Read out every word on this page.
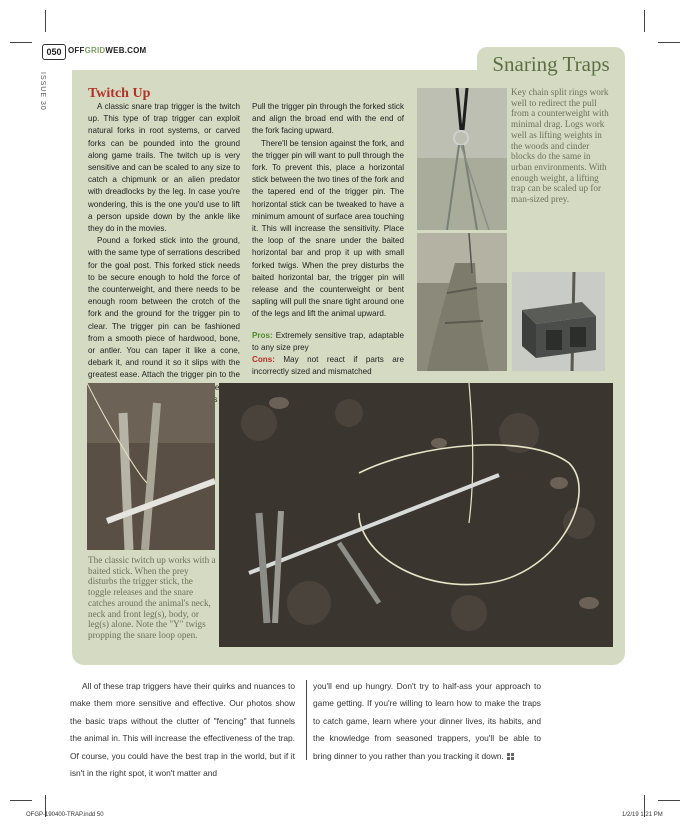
050 OFFGRIDWEB.COM
ISSUE 30
Snaring Traps
Twitch Up

A classic snare trap trigger is the twitch up. This type of trap trigger can exploit natural forks in root systems, or carved forks can be pounded into the ground along game trails. The twitch up is very sensitive and can be scaled to any size to catch a chipmunk or an alien predator with dreadlocks by the leg. In case you're wondering, this is the one you'd use to lift a person upside down by the ankle like they do in the movies.

Pound a forked stick into the ground, with the same type of serrations described for the goal post. This forked stick needs to be secure enough to hold the force of the counterweight, and there needs to be enough room between the crotch of the fork and the ground for the trigger pin to clear. The trigger pin can be fashioned from a smooth piece of hardwood, bone, or antler. You can taper it like a cone, debark it, and round it so it slips with the greatest ease. Attach the trigger pin to the

Pull the trigger pin through the forked stick and align the broad end with the end of the fork facing upward.

There'll be tension against the fork, and the trigger pin will want to pull through the fork. To prevent this, place a horizontal stick between the two tines of the fork and the tapered end of the trigger pin. The horizontal stick can be tweaked to have a minimum amount of surface area touching it. This will increase the sensitivity. Place the loop of the snare under the baited horizontal bar and prop it up with small forked twigs. When the prey disturbs the baited horizontal bar, the trigger pin will release and the counterweight or bent sapling will pull the snare tight around one of the legs and lift the animal upward.

Pros: Extremely sensitive trap, adaptable to any size prey

Cons: May not react if parts are incorrectly sized and mismatched

Key chain split rings work well to redirect the pull from a counterweight with minimal drag. Logs work well as lifting weights in the woods and cinder blocks do the same in urban environments. With enough weight, a lifting trap can be scaled up for man-sized prey.
The classic twitch up works with a baited stick. When the prey disturbs the trigger stick, the toggle releases and the snare catches around the animal's neck, neck and front leg(s), body, or leg(s) alone. Note the "Y" twigs propping the snare loop open.

All of these trap triggers have their quirks and nuances to make them more sensitive and effective. Our photos show the basic traps without the clutter of "fencing" that funnels the animal in. This will increase the effectiveness of the trap. Of course, you could have the best trap in the world, but if it isn't in the right spot, it won't matter and

you'll end up hungry. Don't try to half-ass your approach to game getting. If you're willing to learn how to make the traps to catch game, learn where your dinner lives, its habits, and the knowledge from seasoned trappers, you'll be able to bring dinner to you rather than you tracking it down.

OFGP-190400-TRAP.indd 50	1/2/19 1:21 PM
